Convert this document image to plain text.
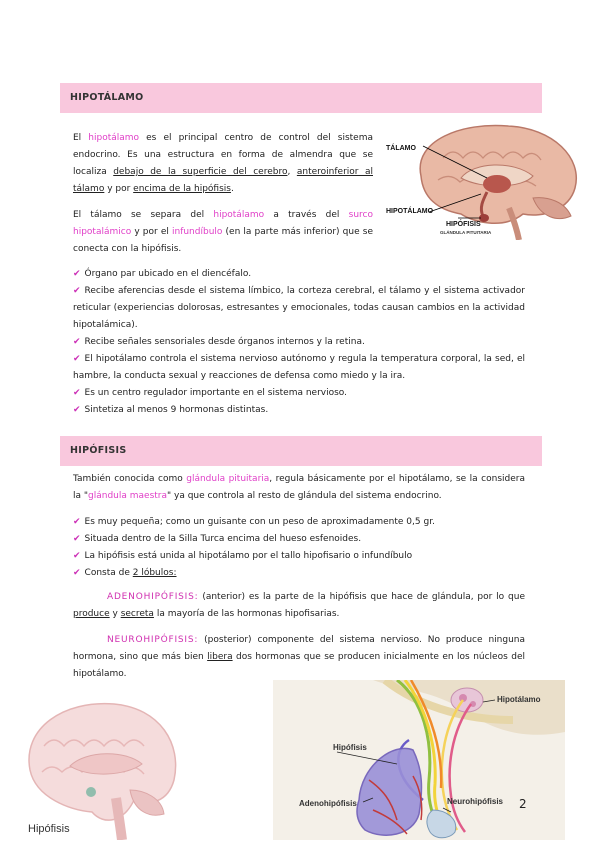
HIPOTÁLAMO
El hipotálamo es el principal centro de control del sistema endocrino. Es una estructura en forma de almendra que se localiza debajo de la superficie del cerebro, anteroinferior al tálamo y por encima de la hipófisis.
El tálamo se separa del hipotálamo a través del surco hipotalámico y por el infundíbulo (en la parte más inferior) que se conecta con la hipófisis.
TÁLAMO
HIPOTÁLAMO
HIPÓFISIS
GLÁNDULA PITUITARIA
✔ Órgano par ubicado en el diencéfalo.
✔ Recibe aferencias desde el sistema límbico, la corteza cerebral, el tálamo y el sistema activador reticular (experiencias dolorosas, estresantes y emocionales, todas causan cambios en la actividad hipotalámica).
✔ Recibe señales sensoriales desde órganos internos y la retina.
✔ El hipotálamo controla el sistema nervioso autónomo y regula la temperatura corporal, la sed, el hambre, la conducta sexual y reacciones de defensa como miedo y la ira.
✔ Es un centro regulador importante en el sistema nervioso.
✔ Sintetiza al menos 9 hormonas distintas.
HIPÓFISIS
También conocida como glándula pituitaria, regula básicamente por el hipotálamo, se la considera la "glándula maestra" ya que controla al resto de glándula del sistema endocrino.
✔ Es muy pequeña; como un guisante con un peso de aproximadamente 0,5 gr.
✔ Situada dentro de la Silla Turca encima del hueso esfenoides.
✔ La hipófisis está unida al hipotálamo por el tallo hipofisario o infundíbulo
✔ Consta de 2 lóbulos:
ADENOHIPÓFISIS: (anterior) es la parte de la hipófisis que hace de glándula, por lo que produce y secreta la mayoría de las hormonas hipofisarias.
NEUROHIPÓFISIS: (posterior) componente del sistema nervioso. No produce ninguna hormona, sino que más bien libera dos hormonas que se producen inicialmente en los núcleos del hipotálamo.
Hipófisis
Hipotálamo
Hipófisis
Adenohipófisis	Neurohipófisis 2
